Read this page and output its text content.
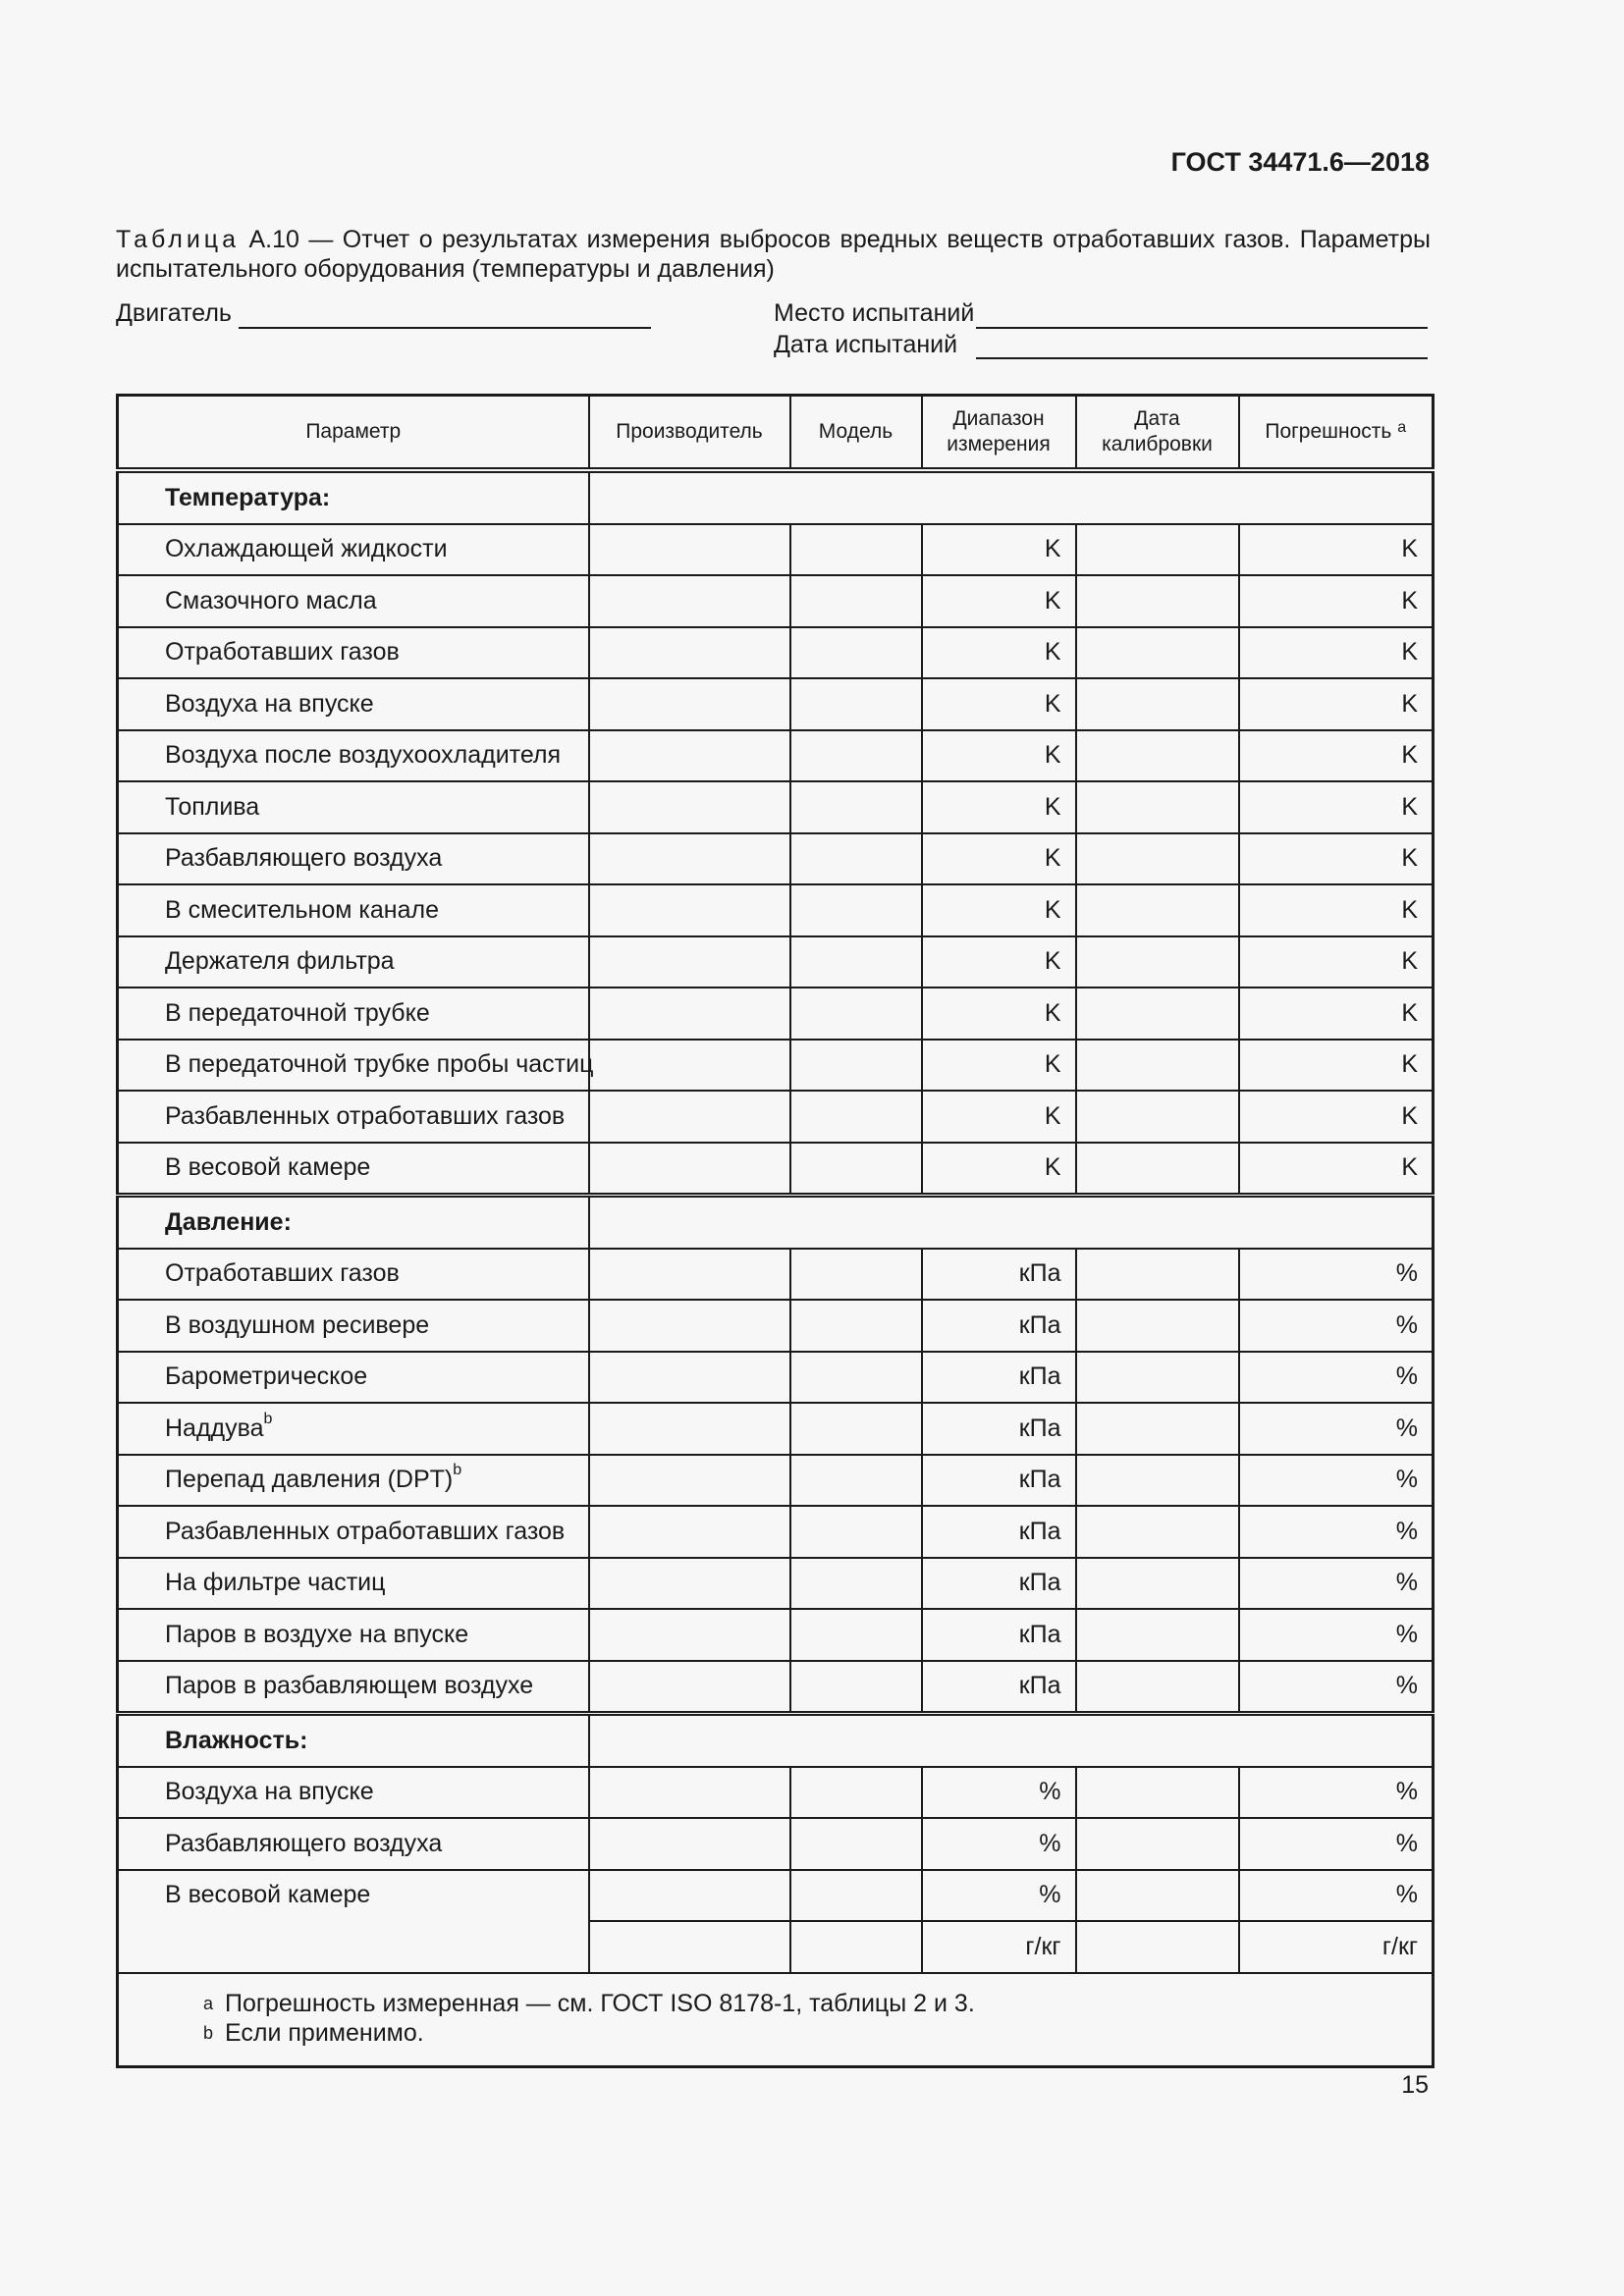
ГОСТ 34471.6—2018
Таблица А.10 — Отчет о результатах измерения выбросов вредных веществ отработавших газов. Параметры испытательного оборудования (температуры и давления)
Двигатель	Место испытаний
Дата испытаний
Параметр	Производитель	Модель	Диапазон измерения	Дата калибровки	Погрешность $^a$
Температура:					
Охлаждающей жидкости			K		K
Смазочного масла			K		K
Отработавших газов			K		K
Воздуха на впуске			K		K
Воздуха после воздухоохладителя			K		K
Топлива			K		K
Разбавляющего воздуха			K		K
В смесительном канале			K		K
Держателя фильтра			K		K
В передаточной трубке			K		K
В передаточной трубке пробы частиц			K		K
Разбавленных отработавших газов			K		K
В весовой камере			K		K
Давление:					
Отработавших газов			кПа		%
В воздушном ресивере			кПа		%
Барометрическое			кПа		%
Наддува$^b$			кПа		%
Перепад давления (DPT)$^b$			кПа		%
Разбавленных отработавших газов			кПа		%
На фильтре частиц			кПа		%
Паров в воздухе на впуске			кПа		%
Паров в разбавляющем воздухе			кПа		%
Влажность:					
Воздуха на впуске			%		%
Разбавляющего воздуха			%		%
В весовой камере			%		%
			г/кг		г/кг

a Погрешность измеренная — см. ГОСТ ISO 8178-1, таблицы 2 и 3.
b Если применимо.					
15
